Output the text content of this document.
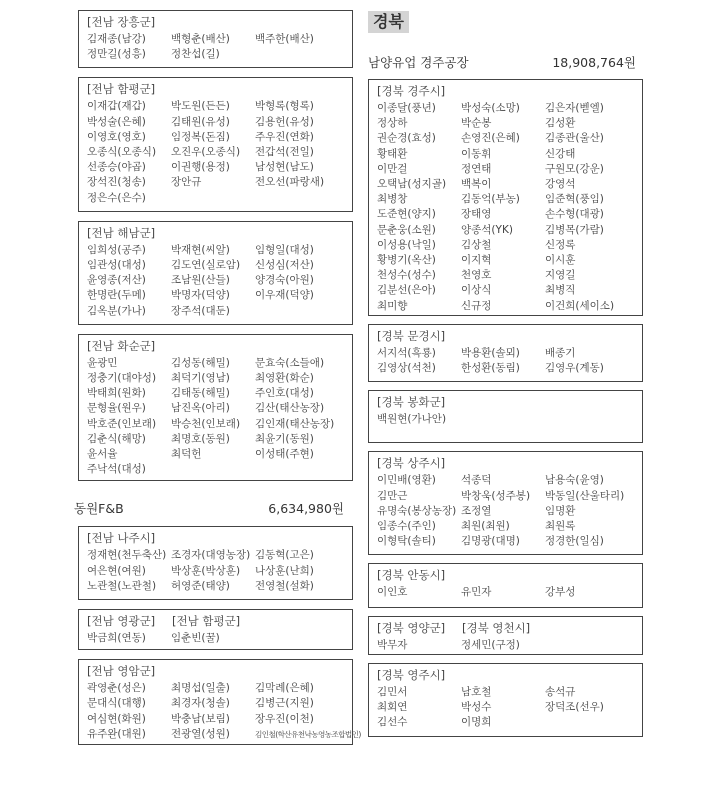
[전남 장흥군]
김재종(남강)	백형춘(배산)	백주한(배산)
정만길(성흥)	정찬섭(길)
[전남 함평군]
이재갑(재갑)	박도원(든든)	박형록(형록)
박성술(은혜)	김태원(유성)	김용헌(유성)
이영호(영호)	임정복(돈짐)	주우진(연화)
오종식(오종식)	오진우(오종식)	전갑석(전일)
선종승(야곱)	이권행(용정)	남성현(남도)
장석진(청송)	장안규	전오선(파랑새)
정은수(은수)
[전남 해남군]
임희성(공주)	박재현(씨알)	임형일(대성)
임관성(대성)	김도연(실로암)	신성심(저산)
윤영종(저산)	조남원(산들)	양경숙(아원)
한명란(두메)	박명자(덕양)	이우재(덕양)
김옥분(가나)	장주석(대둔)
[전남 화순군]
윤광민	김성동(해밀)	문효숙(소들애)
정충기(대야성)	최덕기(영남)	최영환(화순)
박태희(원화)	김태동(해밀)	주인호(대성)
문형율(원우)	남진옥(아리)	김산(태산농장)
박호준(인보래)	박승천(인보래)	김인재(태산농장)
김춘식(해망)	최명호(동원)	최윤기(동원)
윤서율	최덕헌	이성태(주현)
주낙석(대성)
동원F&B	6,634,980원
[전남 나주시]
정재현(천두축산) 조경자(대영농장) 김동혁(고은)
여은현(여원)	박상훈(박상훈)	나상훈(난희)
노관철(노관철)	허영준(태양)	전영철(설화)
[전남 영광군] [전남 함평군]
박금희(연동)	임춘빈(꿀)
[전남 영암군]
곽영춘(성은)	최명섭(일출)	김막례(은혜)
문대식(대행)	최경자(청솔)	김병근(지원)
여심현(화원)	박충남(보림)	장우진(이천)
유주완(대원)	전광열(성원)	김인철(학산유천낙농영농조합법인)
경북
남양유업 경주공장	18,908,764원
[경북 경주시]
이종달(풍년)	박성숙(소망)	김은자(벧엘)
정상하	박순봉	김성환
권순경(효성)	손영진(은혜)	김종관(울산)
황태환	이동휘	신강태
이만걸	정연태	구원모(강운)
오택남(성지골)	백복이	강영석
최병창	김동억(부농)	임준혁(풍임)
도준현(양지)	장태영	손수형(대광)
문춘웅(소원)	양종석(YK)	김병목(가람)
이성용(낙일)	김상철	신정록
황병기(옥산)	이지혁	이시훈
천성수(성수)	천영호	지영길
김분선(은아)	이상식	최병직
최미향	신규정	이건희(세이소)
[경북 문경시]
서지석(흑룡)	박용환(솔뫼)	배종기
김영상(석천)	한성환(동림)	김영우(계동)
[경북 봉화군]
백원현(가나안)
[경북 상주시]
이민배(영환)	석종덕	남용숙(윤영)
김만근	박창욱(성주봉)	박동일(산울타리)
유명숙(봉상농장) 조정열	임명환
임종수(주인)	최원(최원)	최원록
이형탁(솔티)	김명광(대명)	정경한(일심)
[경북 안동시]
이인호	유민자	강부성
[경북 영양군] [경북 영천시]
박무자	정세민(구정)
[경북 영주시]
김민서	남호철	송석규
최회연	박성수	장덕조(선우)
김선수	이명희
